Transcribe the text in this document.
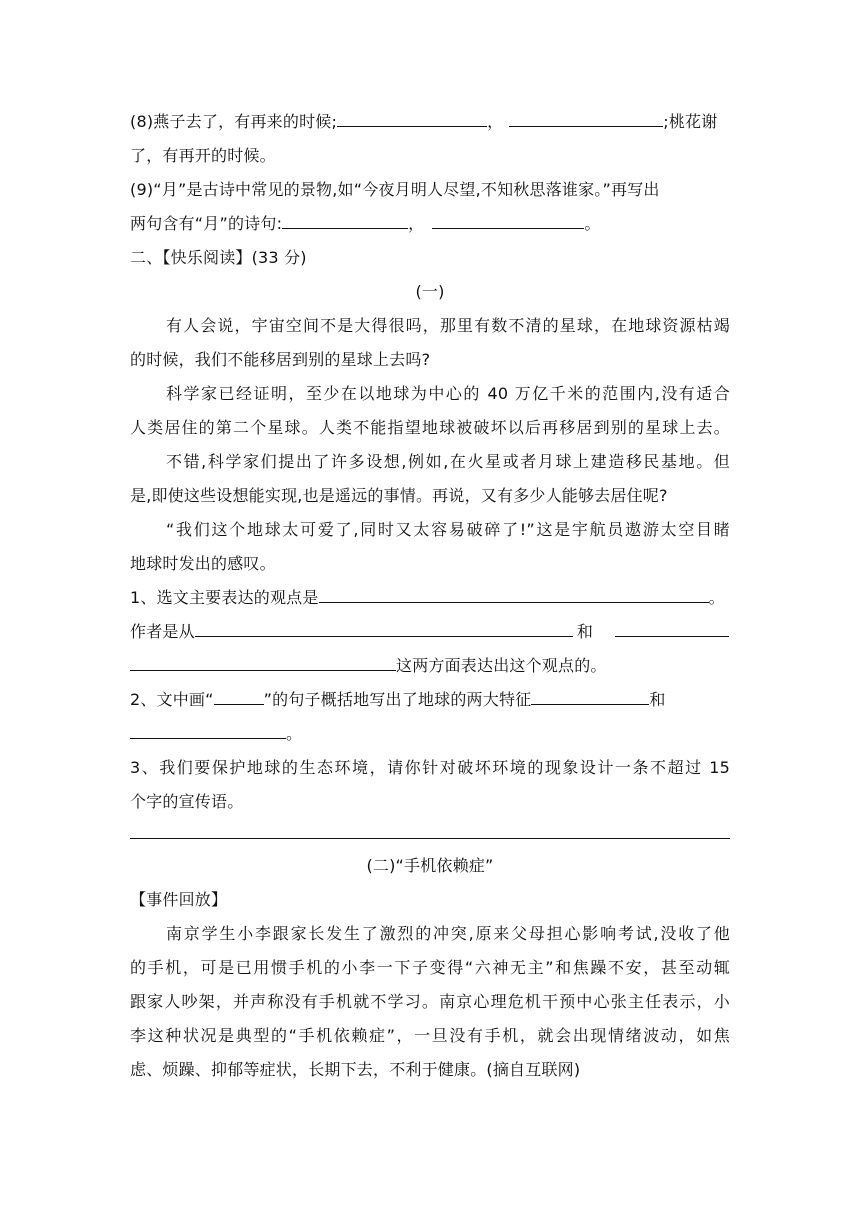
(8)燕子去了，有再来的时候;	，	;桃花谢
了，有再开的时候。
(9)“月”是古诗中常见的景物,如“今夜月明人尽望,不知秋思落谁家。”再写出
两句含有“月”的诗句:	，	。
二、【快乐阅读】(33 分)
(一)
有人会说，宇宙空间不是大得很吗，那里有数不清的星球，在地球资源枯竭
的时候，我们不能移居到别的星球上去吗?
科学家已经证明，至少在以地球为中心的 40 万亿千米的范围内,没有适合
人类居住的第二个星球。人类不能指望地球被破坏以后再移居到别的星球上去。
不错,科学家们提出了许多设想,例如,在火星或者月球上建造移民基地。但
是,即使这些设想能实现,也是遥远的事情。再说，又有多少人能够去居住呢?
“我们这个地球太可爱了,同时又太容易破碎了!”这是宇航员遨游太空目睹
地球时发出的感叹。
1、选文主要表达的观点是	。
作者是从	和
这两方面表达出这个观点的。
2、文中画“	”的句子概括地写出了地球的两大特征	和
。
3、我们要保护地球的生态环境，请你针对破坏环境的现象设计一条不超过 15
个字的宣传语。
(二)“手机依赖症”
【事件回放】
南京学生小李跟家长发生了激烈的冲突,原来父母担心影响考试,没收了他
的手机，可是已用惯手机的小李一下子变得“六神无主”和焦躁不安，甚至动辄
跟家人吵架，并声称没有手机就不学习。南京心理危机干预中心张主任表示，小
李这种状况是典型的“手机依赖症”，一旦没有手机，就会出现情绪波动，如焦
虑、烦躁、抑郁等症状，长期下去，不利于健康。(摘自互联网)
